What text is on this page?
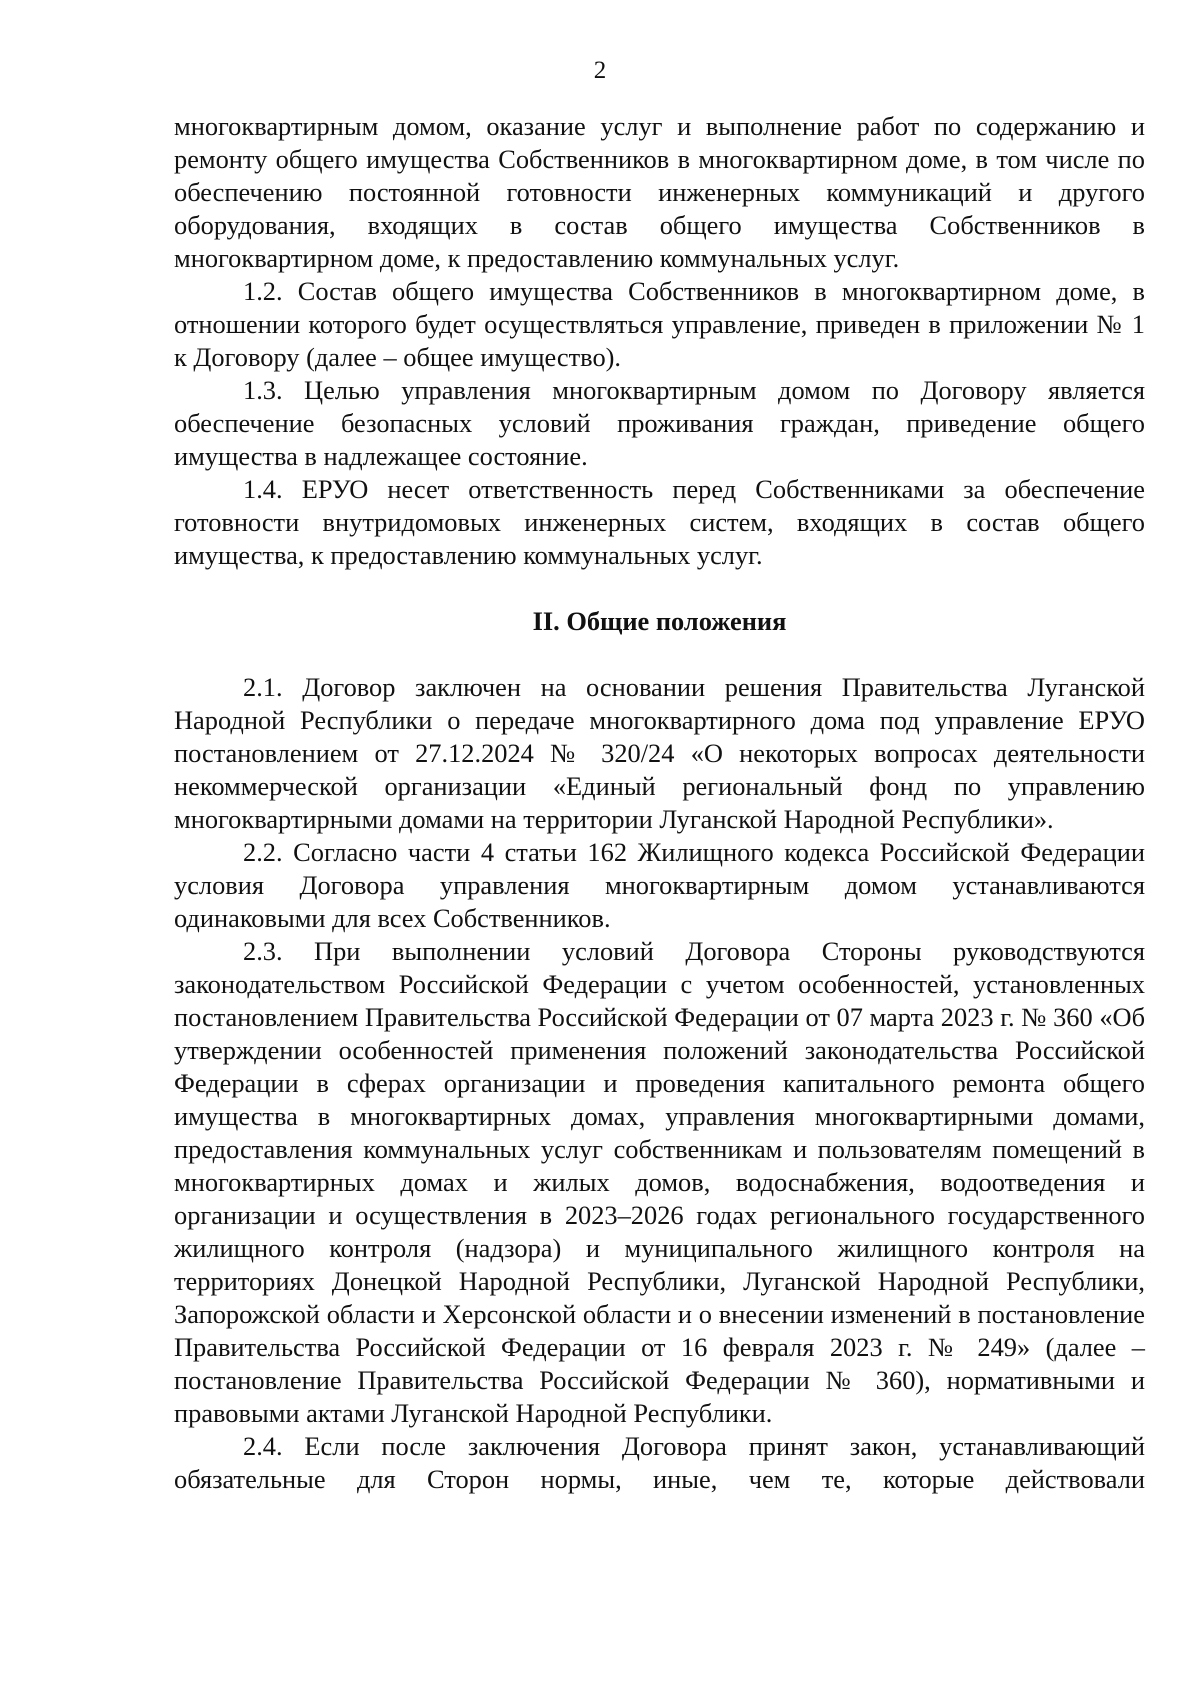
2

многоквартирным домом, оказание услуг и выполнение работ по содержанию и ремонту общего имущества Собственников в многоквартирном доме, в том числе по обеспечению постоянной готовности инженерных коммуникаций и другого оборудования, входящих в состав общего имущества Собственников в многоквартирном доме, к предоставлению коммунальных услуг.

1.2. Состав общего имущества Собственников в многоквартирном доме, в отношении которого будет осуществляться управление, приведен в приложении № 1 к Договору (далее – общее имущество).

1.3. Целью управления многоквартирным домом по Договору является обеспечение безопасных условий проживания граждан, приведение общего имущества в надлежащее состояние.

1.4. ЕРУО несет ответственность перед Собственниками за обеспечение готовности внутридомовых инженерных систем, входящих в состав общего имущества, к предоставлению коммунальных услуг.

II. Общие положения

2.1. Договор заключен на основании решения Правительства Луганской Народной Республики о передаче многоквартирного дома под управление ЕРУО постановлением от 27.12.2024 № 320/24 «О некоторых вопросах деятельности некоммерческой организации «Единый региональный фонд по управлению многоквартирными домами на территории Луганской Народной Республики».

2.2. Согласно части 4 статьи 162 Жилищного кодекса Российской Федерации условия Договора управления многоквартирным домом устанавливаются одинаковыми для всех Собственников.

2.3. При выполнении условий Договора Стороны руководствуются законодательством Российской Федерации с учетом особенностей, установленных постановлением Правительства Российской Федерации от 07 марта 2023 г. № 360 «Об утверждении особенностей применения положений законодательства Российской Федерации в сферах организации и проведения капитального ремонта общего имущества в многоквартирных домах, управления многоквартирными домами, предоставления коммунальных услуг собственникам и пользователям помещений в многоквартирных домах и жилых домов, водоснабжения, водоотведения и организации и осуществления в 2023–2026 годах регионального государственного жилищного контроля (надзора) и муниципального жилищного контроля на территориях Донецкой Народной Республики, Луганской Народной Республики, Запорожской области и Херсонской области и о внесении изменений в постановление Правительства Российской Федерации от 16 февраля 2023 г. № 249» (далее – постановление Правительства Российской Федерации № 360), нормативными и правовыми актами Луганской Народной Республики.

2.4. Если после заключения Договора принят закон, устанавливающий обязательные для Сторон нормы, иные, чем те, которые действовали
